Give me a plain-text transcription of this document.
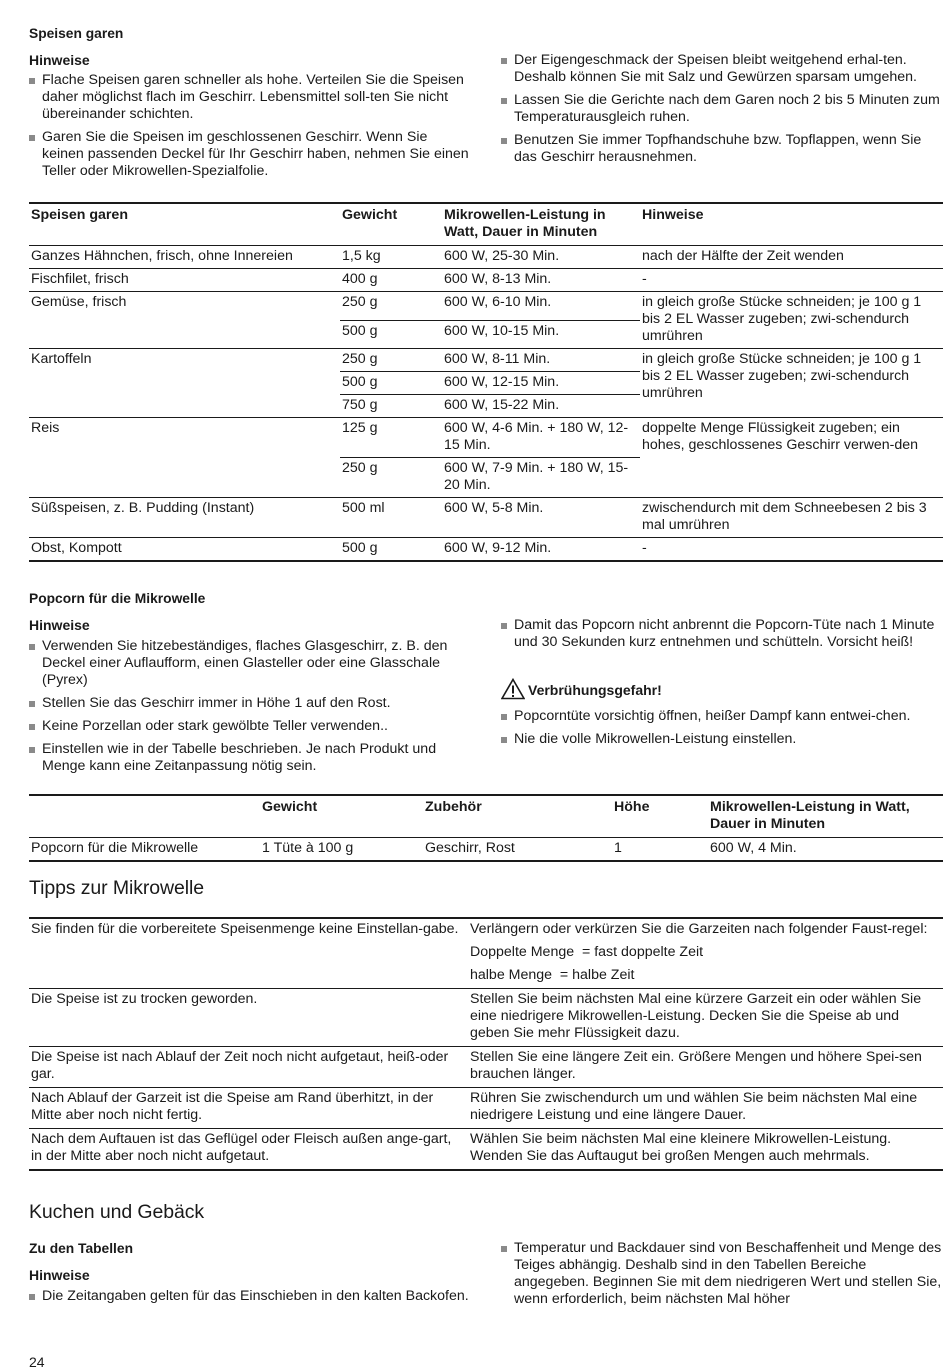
Speisen garen
Hinweise
Flache Speisen garen schneller als hohe. Verteilen Sie die Speisen daher möglichst flach im Geschirr. Lebensmittel soll-ten Sie nicht übereinander schichten.
Garen Sie die Speisen im geschlossenen Geschirr. Wenn Sie keinen passenden Deckel für Ihr Geschirr haben, nehmen Sie einen Teller oder Mikrowellen-Spezialfolie.
Der Eigengeschmack der Speisen bleibt weitgehend erhal-ten. Deshalb können Sie mit Salz und Gewürzen sparsam umgehen.
Lassen Sie die Gerichte nach dem Garen noch 2 bis 5 Minuten zum Temperaturausgleich ruhen.
Benutzen Sie immer Topfhandschuhe bzw. Topflappen, wenn Sie das Geschirr herausnehmen.
Speisen garen	Gewicht	Mikrowellen-Leistung in Watt, Dauer in Minuten	Hinweise
Ganzes Hähnchen, frisch, ohne Innereien	1,5 kg	600 W, 25-30 Min.	nach der Hälfte der Zeit wenden
Fischfilet, frisch	400 g	600 W, 8-13 Min.	-
Gemüse, frisch	250 g	600 W, 6-10 Min.	in gleich große Stücke schneiden; je 100 g 1 bis 2 EL Wasser zugeben; zwi-schendurch umrühren
	500 g	600 W, 10-15 Min.	
Kartoffeln	250 g	600 W, 8-11 Min.	in gleich große Stücke schneiden; je 100 g 1 bis 2 EL Wasser zugeben; zwi-schendurch umrühren
	500 g	600 W, 12-15 Min.	
	750 g	600 W, 15-22 Min.	
Reis	125 g	600 W, 4-6 Min. + 180 W, 12-15 Min.	doppelte Menge Flüssigkeit zugeben; ein hohes, geschlossenes Geschirr verwen-den
	250 g	600 W, 7-9 Min. + 180 W, 15-20 Min.	
Süßspeisen, z. B. Pudding (Instant)	500 ml	600 W, 5-8 Min.	zwischendurch mit dem Schneebesen 2 bis 3 mal umrühren
Obst, Kompott	500 g	600 W, 9-12 Min.	-
Popcorn für die Mikrowelle
Hinweise
Verwenden Sie hitzebeständiges, flaches Glasgeschirr, z. B. den Deckel einer Auflaufform, einen Glasteller oder eine Glasschale (Pyrex)
Stellen Sie das Geschirr immer in Höhe 1 auf den Rost.
Keine Porzellan oder stark gewölbte Teller verwenden..
Einstellen wie in der Tabelle beschrieben. Je nach Produkt und Menge kann eine Zeitanpassung nötig sein.
Damit das Popcorn nicht anbrennt die Popcorn-Tüte nach 1 Minute und 30 Sekunden kurz entnehmen und schütteln. Vorsicht heiß!
Verbrühungsgefahr!
Popcorntüte vorsichtig öffnen, heißer Dampf kann entwei-chen.
Nie die volle Mikrowellen-Leistung einstellen.
	Gewicht	Zubehör	Höhe	Mikrowellen-Leistung in Watt, Dauer in Minuten
Popcorn für die Mikrowelle	1 Tüte à 100 g	Geschirr, Rost	1	600 W, 4 Min.
Tipps zur Mikrowelle
Sie finden für die vorbereitete Speisenmenge keine Einstellan-gabe.	Verlängern oder verkürzen Sie die Garzeiten nach folgender Faust-regel:
Doppelte Menge  = fast doppelte Zeit
halbe Menge  = halbe Zeit

Die Speise ist zu trocken geworden.	Stellen Sie beim nächsten Mal eine kürzere Garzeit ein oder wählen Sie eine niedrigere Mikrowellen-Leistung. Decken Sie die Speise ab und geben Sie mehr Flüssigkeit dazu.

Die Speise ist nach Ablauf der Zeit noch nicht aufgetaut, heiß-oder gar.	Stellen Sie eine längere Zeit ein. Größere Mengen und höhere Spei-sen brauchen länger.

Nach Ablauf der Garzeit ist die Speise am Rand überhitzt, in der Mitte aber noch nicht fertig.	Rühren Sie zwischendurch um und wählen Sie beim nächsten Mal eine niedrigere Leistung und eine längere Dauer.

Nach dem Auftauen ist das Geflügel oder Fleisch außen ange-gart, in der Mitte aber noch nicht aufgetaut.	Wählen Sie beim nächsten Mal eine kleinere Mikrowellen-Leistung. Wenden Sie das Auftaugut bei großen Mengen auch mehrmals.
Kuchen und Gebäck
Zu den Tabellen
Hinweise
Die Zeitangaben gelten für das Einschieben in den kalten Backofen.
Temperatur und Backdauer sind von Beschaffenheit und Menge des Teiges abhängig. Deshalb sind in den Tabellen Bereiche angegeben. Beginnen Sie mit dem niedrigeren Wert und stellen Sie, wenn erforderlich, beim nächsten Mal höher
24
